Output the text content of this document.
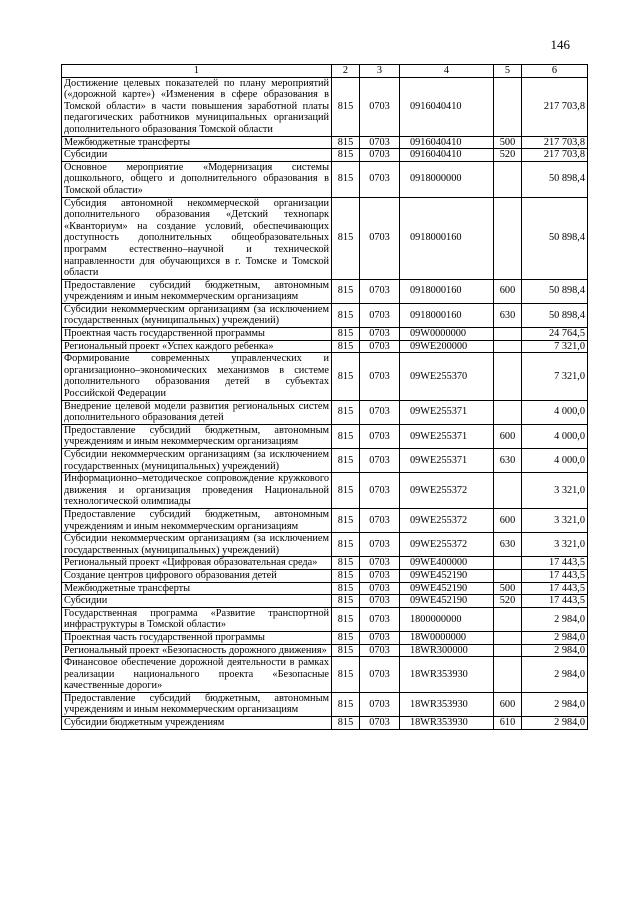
146
1	2	3	4	5	6
Достижение целевых показателей по плану мероприятий («дорожной карте») «Изменения в сфере образования в Томской области» в части повышения заработной платы педагогических работников муниципальных организаций дополнительного образования Томской области	815	0703	0916040410		217 703,8
Межбюджетные трансферты	815	0703	0916040410	500	217 703,8
Субсидии	815	0703	0916040410	520	217 703,8
Основное мероприятие «Модернизация системы дошкольного, общего и дополнительного образования в Томской области»	815	0703	0918000000		50 898,4
Субсидия автономной некоммерческой организации дополнительного образования «Детский технопарк «Кванториум» на создание условий, обеспечивающих доступность дополнительных общеобразовательных программ естественно–научной и технической направленности для обучающихся в г. Томске и Томской области	815	0703	0918000160		50 898,4
Предоставление субсидий бюджетным, автономным учреждениям и иным некоммерческим организациям	815	0703	0918000160	600	50 898,4
Субсидии некоммерческим организациям (за исключением государственных (муниципальных) учреждений)	815	0703	0918000160	630	50 898,4
Проектная часть государственной программы	815	0703	09W0000000		24 764,5
Региональный проект «Успех каждого ребенка»	815	0703	09WE200000		7 321,0
Формирование современных управленческих и организационно–экономических механизмов в системе дополнительного образования детей в субъектах Российской Федерации	815	0703	09WE255370		7 321,0
Внедрение целевой модели развития региональных систем дополнительного образования детей	815	0703	09WE255371		4 000,0
Предоставление субсидий бюджетным, автономным учреждениям и иным некоммерческим организациям	815	0703	09WE255371	600	4 000,0
Субсидии некоммерческим организациям (за исключением государственных (муниципальных) учреждений)	815	0703	09WE255371	630	4 000,0
Информационно–методическое сопровождение кружкового движения и организация проведения Национальной технологической олимпиады	815	0703	09WE255372		3 321,0
Предоставление субсидий бюджетным, автономным учреждениям и иным некоммерческим организациям	815	0703	09WE255372	600	3 321,0
Субсидии некоммерческим организациям (за исключением государственных (муниципальных) учреждений)	815	0703	09WE255372	630	3 321,0
Региональный проект «Цифровая образовательная среда»	815	0703	09WE400000		17 443,5
Создание центров цифрового образования детей	815	0703	09WE452190		17 443,5
Межбюджетные трансферты	815	0703	09WE452190	500	17 443,5
Субсидии	815	0703	09WE452190	520	17 443,5
Государственная программа «Развитие транспортной инфраструктуры в Томской области»	815	0703	1800000000		2 984,0
Проектная часть государственной программы	815	0703	18W0000000		2 984,0
Региональный проект «Безопасность дорожного движения»	815	0703	18WR300000		2 984,0
Финансовое обеспечение дорожной деятельности в рамках реализации национального проекта «Безопасные качественные дороги»	815	0703	18WR353930		2 984,0
Предоставление субсидий бюджетным, автономным учреждениям и иным некоммерческим организациям	815	0703	18WR353930	600	2 984,0
Субсидии бюджетным учреждениям	815	0703	18WR353930	610	2 984,0
